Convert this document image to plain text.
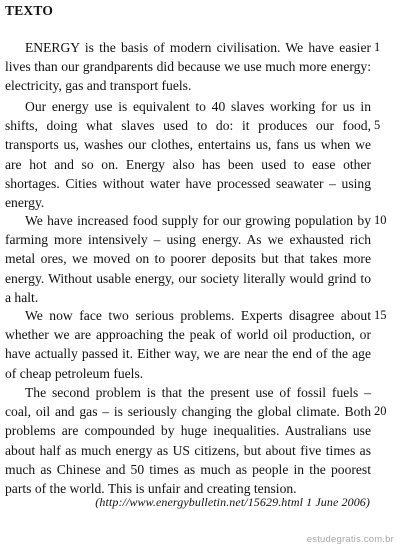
TEXTO

ENERGY is the basis of modern civilisation. We have easier lives than our grandparents did because we use much more energy: electricity, gas and transport fuels.

Our energy use is equivalent to 40 slaves working for us in shifts, doing what slaves used to do: it produces our food, transports us, washes our clothes, entertains us, fans us when we are hot and so on. Energy also has been used to ease other shortages. Cities without water have processed seawater – using energy.

We have increased food supply for our growing population by farming more intensively – using energy. As we exhausted rich metal ores, we moved on to poorer deposits but that takes more energy. Without usable energy, our society literally would grind to a halt.

We now face two serious problems. Experts disagree about whether we are approaching the peak of world oil production, or have actually passed it. Either way, we are near the end of the age of cheap petroleum fuels.

The second problem is that the present use of fossil fuels – coal, oil and gas – is seriously changing the global climate. Both problems are compounded by huge inequalities. Australians use about half as much energy as US citizens, but about five times as much as Chinese and 50 times as much as people in the poorest parts of the world. This is unfair and creating tension.

1
5
10
15
20
(http://www.energybulletin.net/15629.html 1 June 2006)
estudegratis.com.br
